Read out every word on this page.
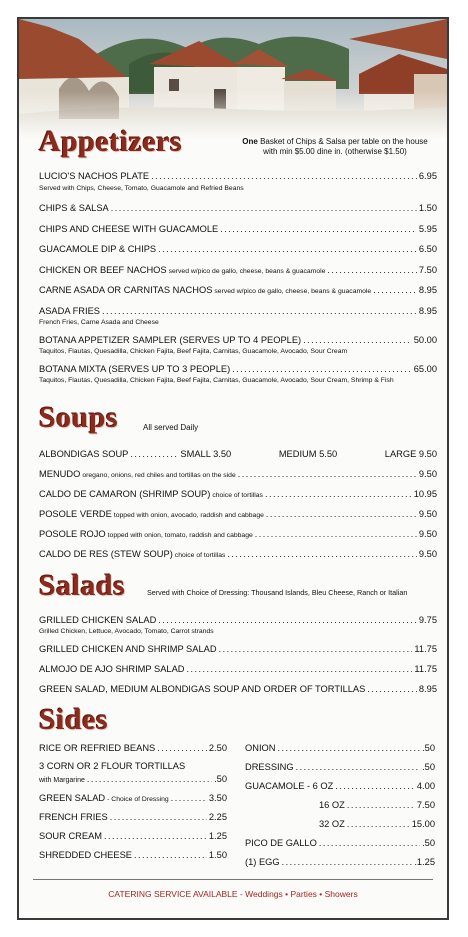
Appetizers	One Basket of Chips & Salsa per table on the house
with min $5.00 dine in. (otherwise $1.50)
LUCIO'S NACHOS PLATE .....	6.95
Served with Chips, Cheese, Tomato, Guacamole and Refried Beans
CHIPS & SALSA .....	1.50
CHIPS AND CHEESE WITH GUACAMOLE .....	5.95
GUACAMOLE DIP & CHIPS .....	6.50
CHICKEN OR BEEF NACHOS served w/pico de gallo, cheese, beans & guacamole .....	7.50
CARNE ASADA OR CARNITAS NACHOS served w/pico de gallo, cheese, beans & guacamole .....	8.95
ASADA FRIES .....	8.95
French Fries, Carne Asada and Cheese
BOTANA APPETIZER SAMPLER (SERVES UP TO 4 PEOPLE) .....	50.00
Taquitos, Flautas, Quesadilla, Chicken Fajita, Beef Fajita, Carnitas, Guacamole, Avocado, Sour Cream
BOTANA MIXTA (SERVES UP TO 3 PEOPLE) .....	65.00
Taquitos, Flautas, Quesadilla, Chicken Fajita, Beef Fajita, Carnitas, Guacamole, Avocado, Sour Cream, Shrimp & Fish
Soups	All served Daily
ALBONDIGAS SOUP .....	SMALL 3.50	MEDIUM 5.50	LARGE 9.50
MENUDO oregano, onions, red chiles and tortillas on the side .....	9.50
CALDO DE CAMARON (SHRIMP SOUP) choice of tortillas .....	10.95
POSOLE VERDE topped with onion, avocado, raddish and cabbage .....	9.50
POSOLE ROJO topped with onion, tomato, raddish and cabbage .....	9.50
CALDO DE RES (STEW SOUP) choice of tortillas .....	9.50
Salads	Served with Choice of Dressing: Thousand Islands, Bleu Cheese, Ranch or Italian
GRILLED CHICKEN SALAD .....	9.75
Grilled Chicken, Lettuce, Avocado, Tomato, Carrot strands
GRILLED CHICKEN AND SHRIMP SALAD .....	11.75
ALMOJO DE AJO SHRIMP SALAD .....	11.75
GREEN SALAD, MEDIUM ALBONDIGAS SOUP AND ORDER OF TORTILLAS .....	8.95
Sides
RICE OR REFRIED BEANS .....	2.50
3 CORN OR 2 FLOUR TORTILLAS
with Margarine .....	.50
GREEN SALAD - Choice of Dressing .....	3.50
FRENCH FRIES .....	2.25
SOUR CREAM .....	1.25
SHREDDED CHEESE .....	1.50
ONION .....	.50
DRESSING .....	.50
GUACAMOLE - 6 OZ .....	4.00
16 OZ .....	7.50
32 OZ .....	15.00
PICO DE GALLO .....	.50
(1) EGG .....	.1.25
CATERING SERVICE AVAILABLE - Weddings • Parties • Showers
